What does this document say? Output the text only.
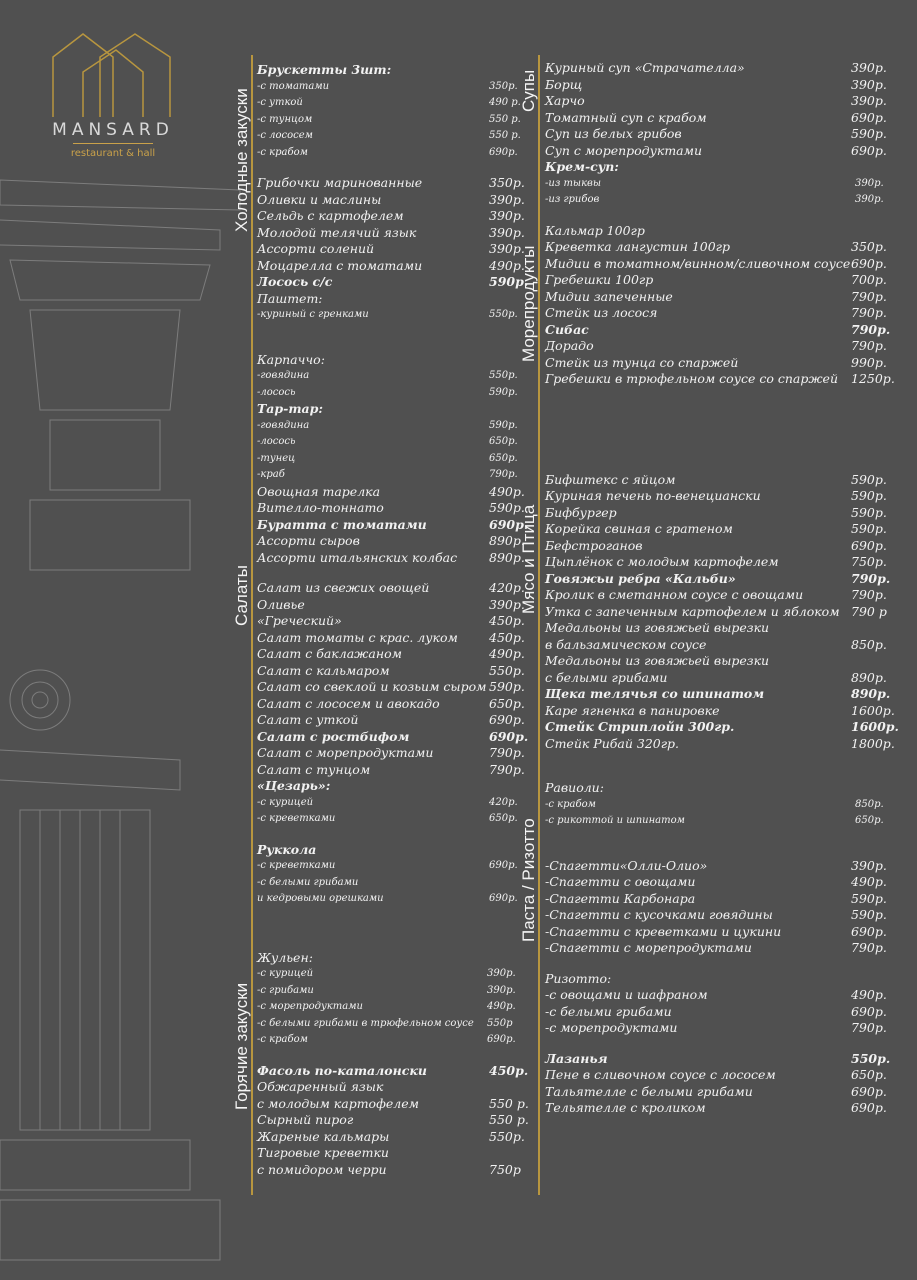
MANSARD
restaurant & hall	Холодные закуски
Салаты
Горячие закуски
Супы
Морепродукты
Мясо и Птица
Паста / Ризотто
Брускетты 3шт:
-с томатами	350р.
-с уткой	490 р.
-с тунцом	550 р.
-с лососем	550 р.
-с крабом	690р.
Грибочки маринованные	350р.
Оливки и маслины	390р.
Сельдь с картофелем	390р.
Молодой телячий язык	390р.
Ассорти солений	390р.
Моцарелла с томатами	490р.
Лосось с/с	590р.
Паштет:
-куриный с гренками	550р.
Карпаччо:
-говядина	550р.
-лосось	590р.
Тар-тар:
-говядина	590р.
-лосось	650р.
-тунец	650р.
-краб	790р.
Овощная тарелка	490р.
Вителло-тоннато	590р.
Буратта с томатами	690р.
Ассорти сыров	890р.
Ассорти итальянских колбас	890р.
Салат из свежих овощей	420р.
Оливье	390р.
«Греческий»	450р.
Салат томаты с крас. луком 450р.
Салат с баклажаном	490р.
Салат с кальмаром	550р.
Салат со свеклой и козьим сыром 590р.
Салат с лососем и авокадо	650р.
Салат с уткой	690р.
Салат с ростбифом	690р.
Салат с морепродуктами	790р.
Салат с тунцом	790р.
«Цезарь»:
-с курицей	420р.
-с креветками	650р.
Руккола
-с креветками	690р.
-с белыми грибами
и кедровыми орешками	690р.
Жульен:
-с курицей	390р.
-с грибами	390р.
-с морепродуктами	490р.
-с белыми грибами в трюфельном соусе 550р
-с крабом	690р.
Фасоль по-каталонски	450р.
Обжаренный язык
с молодым картофелем	550 р.
Сырный пирог	550 р.
Жареные кальмары	550р.
Тигровые креветки
с помидором черри	750р
Куриный суп «Страчателла»	390р.
Борщ	390р.
Харчо	390р.
Томатный суп с крабом	690р.
Суп из белых грибов	590р.
Суп с морепродуктами	690р.
Крем-суп:
-из тыквы	390р.
-из грибов	390р.
Кальмар 100гр
Креветка лангустин 100гр	350р.
Мидии в томатном/винном/сливочном соусе 690р.
Гребешки 100гр	700р.
Мидии запеченные	790р.
Стейк из лосося	790р.
Сибас	790р.
Дорадо	790р.
Стейк из тунца со спаржей	990р.
Гребешки в трюфельном соусе со спаржей 1250р.
Бифштекс с яйцом	590р.
Куриная печень по-венециански	590р.
Бифбургер	590р.
Корейка свиная с гратеном	590р.
Бефстроганов	690р.
Цыплёнок с молодым картофелем	750р.
Говяжьи ребра «Кальби»	790р.
Кролик в сметанном соусе с овощами	790р.
Утка с запеченным картофелем и яблоком 790 р
Медальоны из говяжьей вырезки
в бальзамическом соусе	850р.
Медальоны из говяжьей вырезки
с белыми грибами	890р.
Щека телячья со шпинатом	890р.
Каре ягненка в панировке	1600р.
Стейк Стриплойн 300гр.	1600р.
Стейк Рибай 320гр.	1800р.
Равиоли:
-с крабом	850р.
-с рикоттой и шпинатом	650р.
-Спагетти«Олли-Олио»	390р.
-Спагетти с овощами	490р.
-Спагетти Карбонара	590р.
-Спагетти с кусочками говядины	590р.
-Спагетти с креветками и цукини	690р.
-Спагетти с морепродуктами	790р.
Ризотто:
-с овощами и шафраном	490р.
-с белыми грибами	690р.
-с морепродуктами	790р.
Лазанья	550р.
Пене в сливочном соусе с лососем	650р.
Тальятелле с белыми грибами	690р.
Тельятелле с кроликом	690р.
